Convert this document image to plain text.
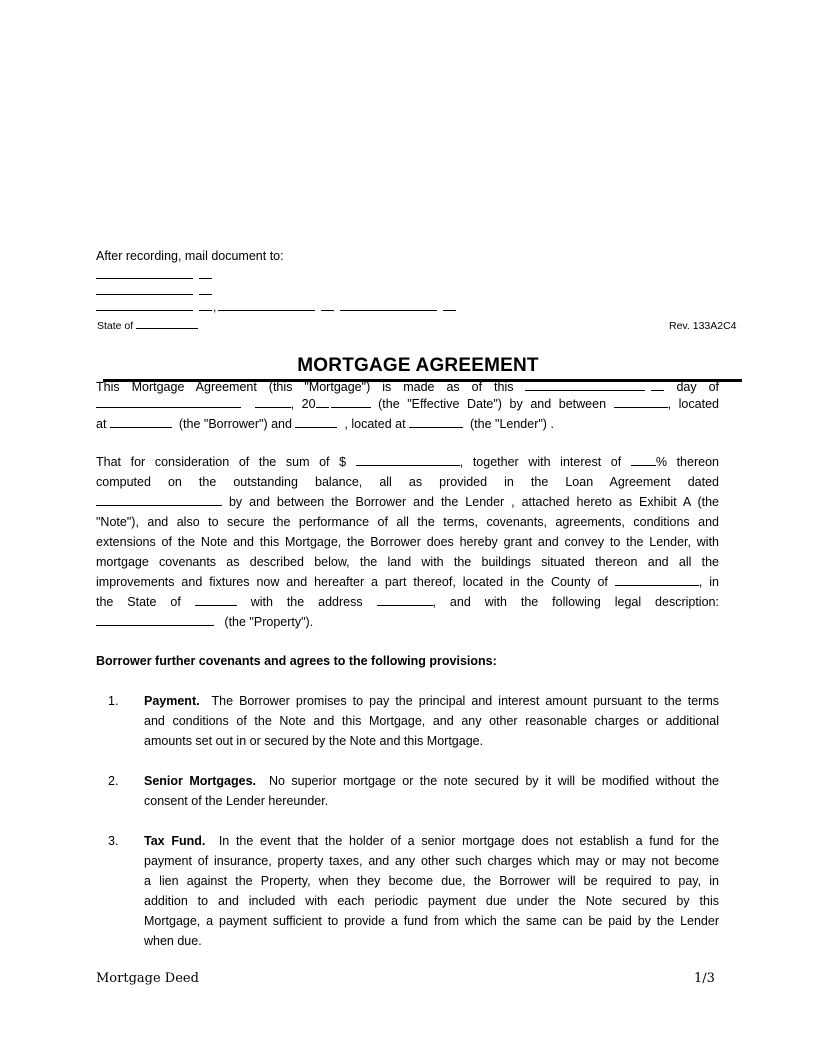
After recording, mail document to:
,
State of	Rev. 133A2C4
MORTGAGE AGREEMENT
This Mortgage Agreement (this "Mortgage") is made as of this	day of
, 20	(the "Effective Date") by and between	, located
at	(the "Borrower") and	, located at	(the "Lender") .
That for consideration of the sum of $	, together with interest of	% thereon
computed on the outstanding balance, all as provided in the Loan Agreement dated
by and between the Borrower and the Lender , attached hereto as Exhibit A (the
"Note"), and also to secure the performance of all the terms, covenants, agreements, conditions and
extensions of the Note and this Mortgage, the Borrower does hereby grant and convey to the Lender, with
mortgage covenants as described below, the land with the buildings situated thereon and all the
improvements and fixtures now and hereafter a part thereof, located in the County of	, in
the State of	with the address	, and with the following legal description:
(the "Property").
Borrower further covenants and agrees to the following provisions:
1. Payment. The Borrower promises to pay the principal and interest amount pursuant to the terms
and conditions of the Note and this Mortgage, and any other reasonable charges or additional
amounts set out in or secured by the Note and this Mortgage.
2. Senior Mortgages. No superior mortgage or the note secured by it will be modified without the
consent of the Lender hereunder.
3. Tax Fund. In the event that the holder of a senior mortgage does not establish a fund for the
payment of insurance, property taxes, and any other such charges which may or may not become
a lien against the Property, when they become due, the Borrower will be required to pay, in
addition to and included with each periodic payment due under the Note secured by this
Mortgage, a payment sufficient to provide a fund from which the same can be paid by the Lender
when due.
Mortgage Deed	1/3
